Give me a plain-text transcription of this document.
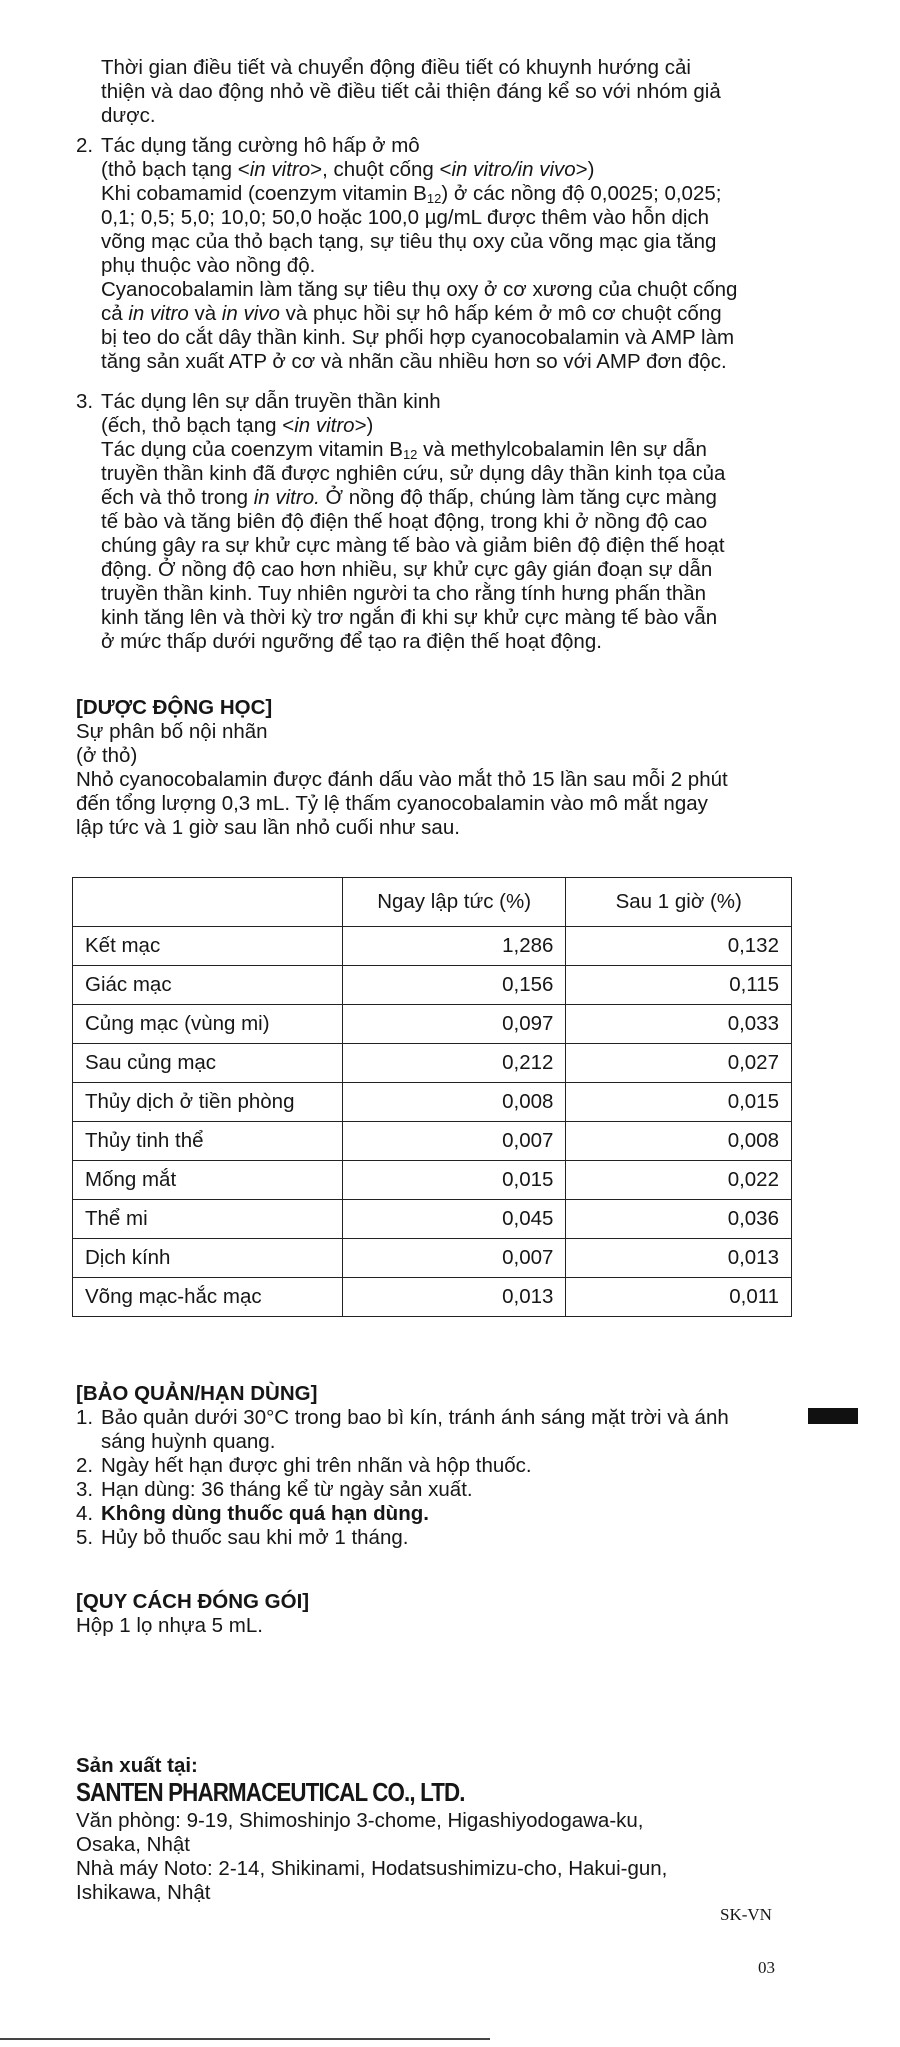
Thời gian điều tiết và chuyển động điều tiết có khuynh hướng cải

thiện và dao động nhỏ về điều tiết cải thiện đáng kể so với nhóm giả

dược.

2. Tác dụng tăng cường hô hấp ở mô

(thỏ bạch tạng <in vitro>, chuột cống <in vitro/in vivo>)

Khi cobamamid (coenzym vitamin $B_{12}$) ở các nồng độ 0,0025; 0,025;

0,1; 0,5; 5,0; 10,0; 50,0 hoặc 100,0 µg/mL được thêm vào hỗn dịch

võng mạc của thỏ bạch tạng, sự tiêu thụ oxy của võng mạc gia tăng

phụ thuộc vào nồng độ.

Cyanocobalamin làm tăng sự tiêu thụ oxy ở cơ xương của chuột cống

cả in vitro và in vivo và phục hồi sự hô hấp kém ở mô cơ chuột cống

bị teo do cắt dây thần kinh. Sự phối hợp cyanocobalamin và AMP làm

tăng sản xuất ATP ở cơ và nhãn cầu nhiều hơn so với AMP đơn độc.

3. Tác dụng lên sự dẫn truyền thần kinh

(ếch, thỏ bạch tạng <in vitro>)

Tác dụng của coenzym vitamin $B_{12}$ và methylcobalamin lên sự dẫn

truyền thần kinh đã được nghiên cứu, sử dụng dây thần kinh tọa của

ếch và thỏ trong in vitro. Ở nồng độ thấp, chúng làm tăng cực màng

tế bào và tăng biên độ điện thế hoạt động, trong khi ở nồng độ cao

chúng gây ra sự khử cực màng tế bào và giảm biên độ điện thế hoạt

động. Ở nồng độ cao hơn nhiều, sự khử cực gây gián đoạn sự dẫn

truyền thần kinh. Tuy nhiên người ta cho rằng tính hưng phấn thần

kinh tăng lên và thời kỳ trơ ngắn đi khi sự khử cực màng tế bào vẫn

ở mức thấp dưới ngưỡng để tạo ra điện thế hoạt động.

[DƯỢC ĐỘNG HỌC]

Sự phân bố nội nhãn

(ở thỏ)

Nhỏ cyanocobalamin được đánh dấu vào mắt thỏ 15 lần sau mỗi 2 phút

đến tổng lượng 0,3 mL. Tỷ lệ thấm cyanocobalamin vào mô mắt ngay

lập tức và 1 giờ sau lần nhỏ cuối như sau.

	Ngay lập tức (%)	Sau 1 giờ (%)
Kết mạc	1,286	0,132
Giác mạc	0,156	0,115
Củng mạc (vùng mi)	0,097	0,033
Sau củng mạc	0,212	0,027
Thủy dịch ở tiền phòng	0,008	0,015
Thủy tinh thể	0,007	0,008
Mống mắt	0,015	0,022
Thể mi	0,045	0,036
Dịch kính	0,007	0,013
Võng mạc-hắc mạc	0,013	0,011

[BẢO QUẢN/HẠN DÙNG]

1. Bảo quản dưới 30°C trong bao bì kín, tránh ánh sáng mặt trời và ánh

sáng huỳnh quang.

2. Ngày hết hạn được ghi trên nhãn và hộp thuốc.

3. Hạn dùng: 36 tháng kể từ ngày sản xuất.

4. Không dùng thuốc quá hạn dùng.

5. Hủy bỏ thuốc sau khi mở 1 tháng.

[QUY CÁCH ĐÓNG GÓI]

Hộp 1 lọ nhựa 5 mL.

Sản xuất tại:

SANTEN PHARMACEUTICAL CO., LTD.

Văn phòng: 9-19, Shimoshinjo 3-chome, Higashiyodogawa-ku,

Osaka, Nhật

Nhà máy Noto: 2-14, Shikinami, Hodatsushimizu-cho, Hakui-gun,

Ishikawa, Nhật

SK-VN
03
